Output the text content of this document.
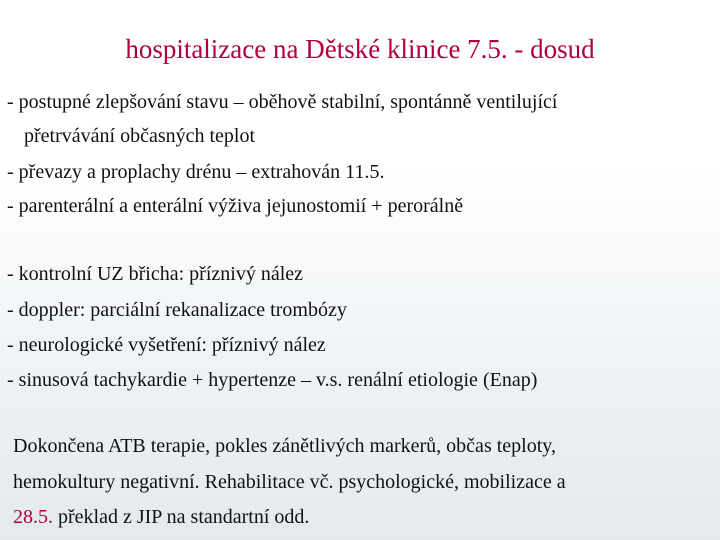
hospitalizace na Dětské klinice 7.5. - dosud
- postupné zlepšování stavu – oběhově stabilní, spontánně ventilující
přetrvávání občasných teplot
- převazy a proplachy drénu – extrahován 11.5.
- parenterální a enterální výživa jejunostomií + perorálně
- kontrolní UZ břicha: příznivý nález
- doppler: parciální rekanalizace trombózy
- neurologické vyšetření: příznivý nález
- sinusová tachykardie + hypertenze – v.s. renální etiologie (Enap)
Dokončena ATB terapie, pokles zánětlivých markerů, občas teploty,
hemokultury negativní. Rehabilitace vč. psychologické, mobilizace a
28.5. překlad z JIP na standartní odd.
